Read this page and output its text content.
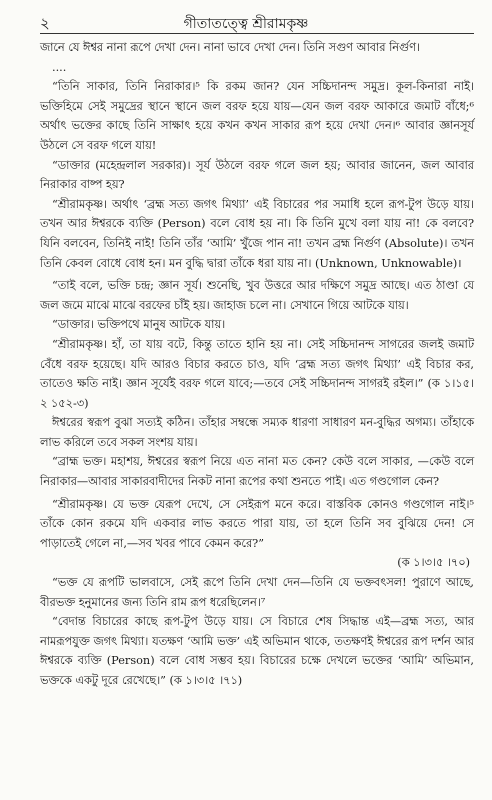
২	গীতাতত্ত্বে শ্রীরামকৃষ্ণ

জানে যে ঈশ্বর নানা রূপে দেখা দেন। নানা ভাবে দেখা দেন। তিনি সগুণ আবার নির্গুণ।

....

“তিনি সাকার, তিনি নিরাকার।⁵ কি রকম জান? যেন সচ্চিদানন্দ সমুদ্র। কূল-কিনারা নাই। ভক্তিহিমে সেই সমুদ্রের স্থানে স্থানে জল বরফ হয়ে যায়—যেন জল বরফ আকারে জমাট বাঁধে;⁶ অর্থাৎ ভক্তের কাছে তিনি সাক্ষাৎ হয়ে কখন কখন সাকার রূপ হয়ে দেখা দেন।⁶ আবার জ্ঞানসূর্য উঠলে সে বরফ গলে যায়!

“ডাক্তার (মহেন্দ্রলাল সরকার)। সূর্য উঠলে বরফ গলে জল হয়; আবার জানেন, জল আবার নিরাকার বাষ্প হয়?

“শ্রীরামকৃষ্ণ। অর্থাৎ ‘ব্রহ্ম সত্য জগৎ মিথ্যা’ এই বিচারের পর সমাধি হলে রূপ-টুপ উড়ে যায়। তখন আর ঈশ্বরকে ব্যক্তি (Person) বলে বোধ হয় না। কি তিনি মুখে বলা যায় না! কে বলবে? যিনি বলবেন, তিনিই নাই! তিনি তাঁর ‘আমি’ খুঁজে পান না! তখন ব্রহ্ম নির্গুণ (Absolute)। তখন তিনি কেবল বোধে বোধ হন। মন বুদ্ধি দ্বারা তাঁকে ধরা যায় না। (Unknown, Unknowable)।

“তাই বলে, ভক্তি চন্দ্র; জ্ঞান সূর্য। শুনেছি, খুব উত্তরে আর দক্ষিণে সমুদ্র আছে। এত ঠাণ্ডা যে জল জমে মাঝে মাঝে বরফের চাঁই হয়। জাহাজ চলে না। সেখানে গিয়ে আটকে যায়।

“ডাক্তার। ভক্তিপথে মানুষ আটকে যায়।

“শ্রীরামকৃষ্ণ। হাঁ, তা যায় বটে, কিন্তু তাতে হানি হয় না। সেই সচ্চিদানন্দ সাগরের জলই জমাট বেঁধে বরফ হয়েছে। যদি আরও বিচার করতে চাও, যদি ‘ব্রহ্ম সত্য জগৎ মিথ্যা’ এই বিচার কর, তাতেও ক্ষতি নাই। জ্ঞান সূর্যেই বরফ গলে যাবে;—তবে সেই সচ্চিদানন্দ সাগরই রইল।” (ক ১।১৫।২ ১৫২-৩)

ঈশ্বরের স্বরূপ বুঝা সত্যই কঠিন। তাঁহার সম্বন্ধে সম্যক ধারণা সাধারণ মন-বুদ্ধির অগম্য। তাঁহাকে লাভ করিলে তবে সকল সংশয় যায়।

“ব্রাহ্ম ভক্ত। মহাশয়, ঈশ্বরের স্বরূপ নিয়ে এত নানা মত কেন? কেউ বলে সাকার, —কেউ বলে নিরাকার—আবার সাকারবাদীদের নিকট নানা রূপের কথা শুনতে পাই। এত গণ্ডগোল কেন?

“শ্রীরামকৃষ্ণ। যে ভক্ত যেরূপ দেখে, সে সেইরূপ মনে করে। বাস্তবিক কোনও গণ্ডগোল নাই।⁵ তাঁকে কোন রকমে যদি একবার লাভ করতে পারা যায়, তা হলে তিনি সব বুঝিয়ে দেন! সে পাড়াতেই গেলে না,—সব খবর পাবে কেমন করে?”

(ক ১।৩।৫ ।৭০)

“ভক্ত যে রূপটি ভালবাসে, সেই রূপে তিনি দেখা দেন—তিনি যে ভক্তবৎসল! পুরাণে আছে, বীরভক্ত হনুমানের জন্য তিনি রাম রূপ ধরেছিলেন।⁷

“বেদান্ত বিচারের কাছে রূপ-টুপ উড়ে যায়। সে বিচারে শেষ সিদ্ধান্ত এই—ব্রহ্ম সত্য, আর নামরূপযুক্ত জগৎ মিথ্যা। যতক্ষণ ‘আমি ভক্ত’ এই অভিমান থাকে, ততক্ষণই ঈশ্বরের রূপ দর্শন আর ঈশ্বরকে ব্যক্তি (Person) বলে বোধ সম্ভব হয়। বিচারের চক্ষে দেখলে ভক্তের ‘আমি’ অভিমান, ভক্তকে একটু দূরে রেখেছে।” (ক ১।৩।৫ ।৭১)
